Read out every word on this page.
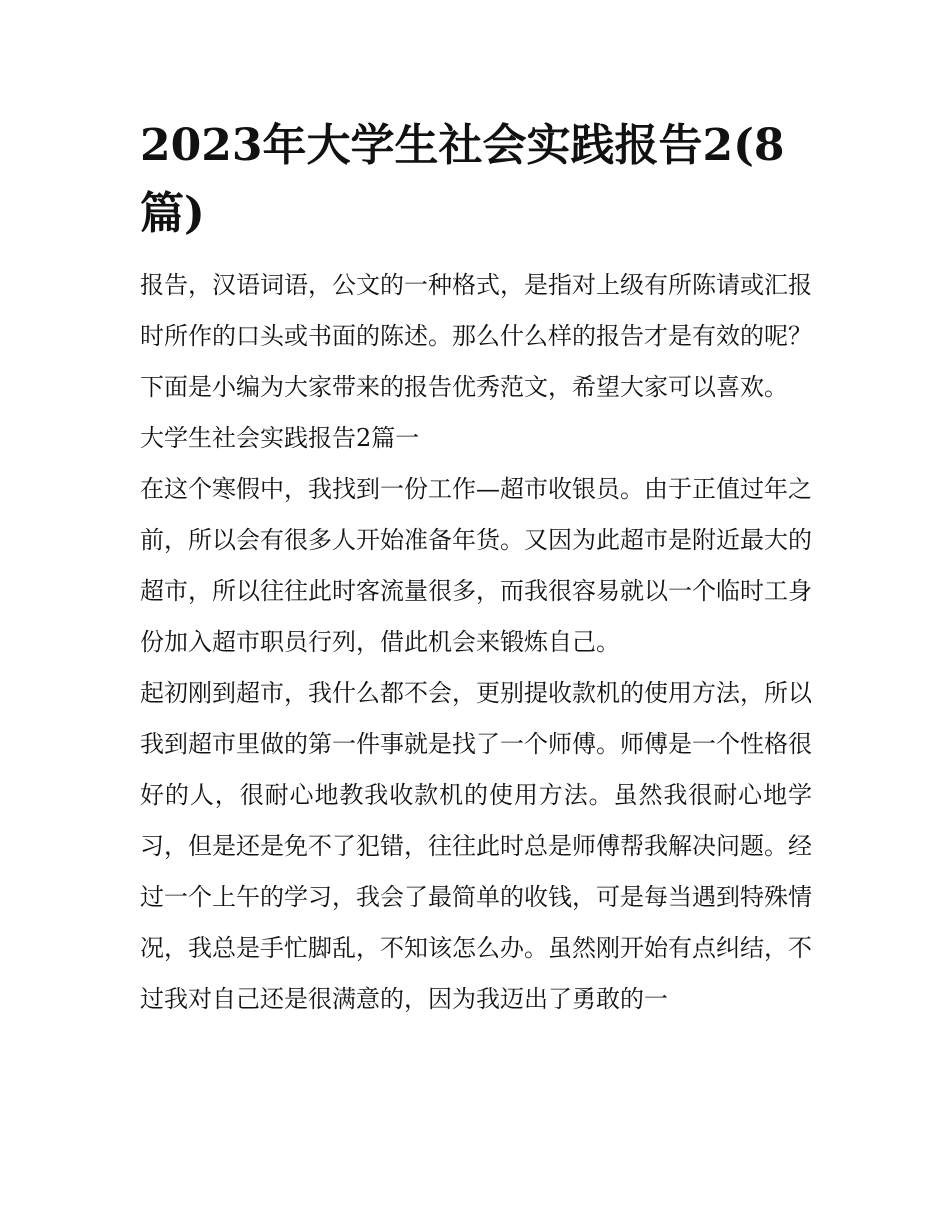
2023年大学生社会实践报告2(8篇)

报告，汉语词语，公文的一种格式，是指对上级有所陈请或汇报时所作的口头或书面的陈述。那么什么样的报告才是有效的呢？下面是小编为大家带来的报告优秀范文，希望大家可以喜欢。

大学生社会实践报告2篇一

在这个寒假中，我找到一份工作—超市收银员。由于正值过年之前，所以会有很多人开始准备年货。又因为此超市是附近最大的超市，所以往往此时客流量很多，而我很容易就以一个临时工身份加入超市职员行列，借此机会来锻炼自己。

起初刚到超市，我什么都不会，更别提收款机的使用方法，所以我到超市里做的第一件事就是找了一个师傅。师傅是一个性格很好的人，很耐心地教我收款机的使用方法。虽然我很耐心地学习，但是还是免不了犯错，往往此时总是师傅帮我解决问题。经过一个上午的学习，我会了最简单的收钱，可是每当遇到特殊情况，我总是手忙脚乱，不知该怎么办。虽然刚开始有点纠结，不过我对自己还是很满意的，因为我迈出了勇敢的一
